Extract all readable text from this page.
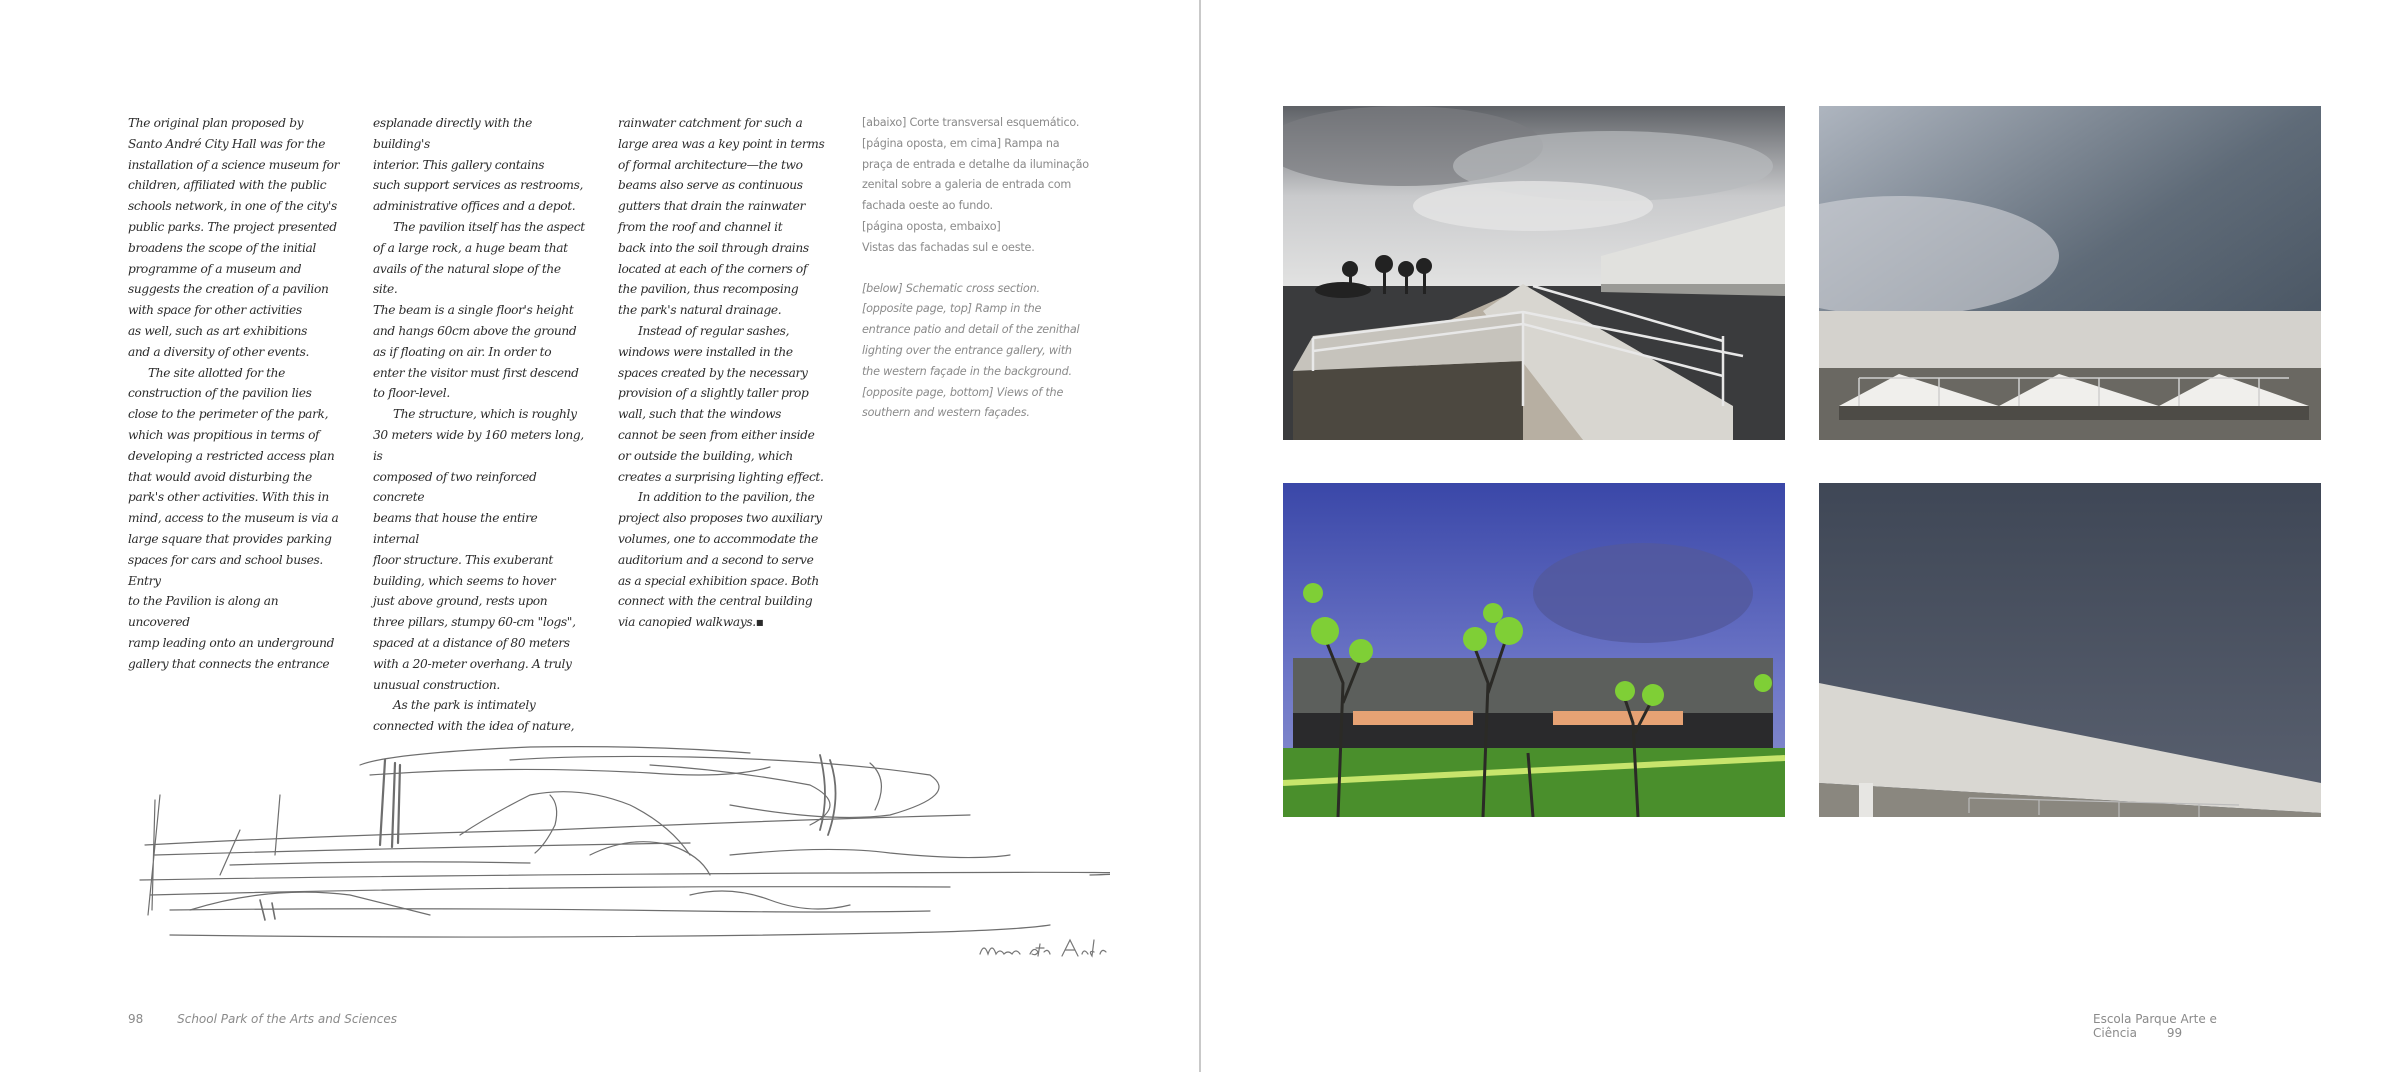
The original plan proposed by
Santo André City Hall was for the
installation of a science museum for
children, affiliated with the public
schools network, in one of the city's
public parks. The project presented
broadens the scope of the initial
programme of a museum and
suggests the creation of a pavilion
with space for other activities
as well, such as art exhibitions
and a diversity of other events.

The site allotted for the
construction of the pavilion lies
close to the perimeter of the park,
which was propitious in terms of
developing a restricted access plan
that would avoid disturbing the
park's other activities. With this in
mind, access to the museum is via a
large square that provides parking
spaces for cars and school buses. Entry
to the Pavilion is along an uncovered
ramp leading onto an underground
gallery that connects the entrance

esplanade directly with the building's
interior. This gallery contains
such support services as restrooms,
administrative offices and a depot.

The pavilion itself has the aspect
of a large rock, a huge beam that
avails of the natural slope of the site.
The beam is a single floor's height
and hangs 60cm above the ground
as if floating on air. In order to
enter the visitor must first descend
to floor-level.

The structure, which is roughly
30 meters wide by 160 meters long, is
composed of two reinforced concrete
beams that house the entire internal
floor structure. This exuberant
building, which seems to hover
just above ground, rests upon
three pillars, stumpy 60-cm "logs",
spaced at a distance of 80 meters
with a 20-meter overhang. A truly
unusual construction.

As the park is intimately
connected with the idea of nature,

rainwater catchment for such a
large area was a key point in terms
of formal architecture—the two
beams also serve as continuous
gutters that drain the rainwater
from the roof and channel it
back into the soil through drains
located at each of the corners of
the pavilion, thus recomposing
the park's natural drainage.

Instead of regular sashes,
windows were installed in the
spaces created by the necessary
provision of a slightly taller prop
wall, such that the windows
cannot be seen from either inside
or outside the building, which
creates a surprising lighting effect.

In addition to the pavilion, the
project also proposes two auxiliary
volumes, one to accommodate the
auditorium and a second to serve
as a special exhibition space. Both
connect with the central building
via canopied walkways.▪

[abaixo] Corte transversal esquemático.
[página oposta, em cima] Rampa na
praça de entrada e detalhe da iluminação
zenital sobre a galeria de entrada com
fachada oeste ao fundo.
[página oposta, embaixo]
Vistas das fachadas sul e oeste.

[below] Schematic cross section.
[opposite page, top] Ramp in the
entrance patio and detail of the zenithal
lighting over the entrance gallery, with
the western façade in the background.
[opposite page, bottom] Views of the
southern and western façades.

98	School Park of the Arts and Sciences	Escola Parque Arte e Ciência 99
